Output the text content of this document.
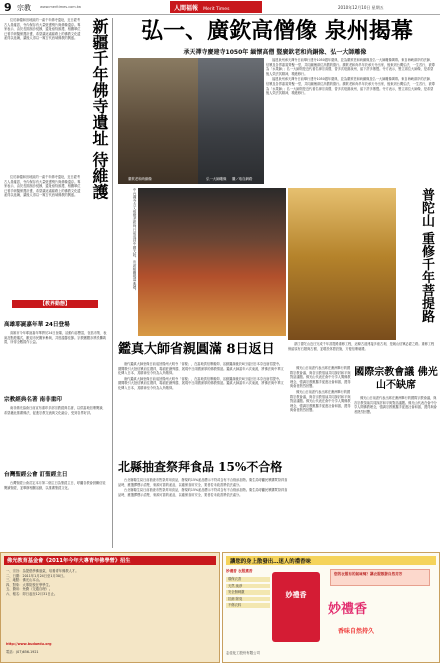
9 宗教	www.meritimes.com.tw	人間福報 Merit Times	2010年12月10日 星期五

位於新疆和田地區的一處千年佛寺遺址，近日經考古人員確認，寺內保存有大量壁畫殘片與佛像遺存。專家表示，由於長期風沙侵蝕，遺址亟待維護，相關單位已著手研擬保護計畫，希望讓這處絲路上的佛教文化遺產得以延續，讓後人得以一窺古代西域佛教的興盛。 新疆千年佛寺遺址 待維護

位於新疆和田地區的一處千年佛寺遺址，近日經考古人員確認，寺內保存有大量壁畫殘片與佛像遺存。專家表示，由於長期風沙侵蝕，遺址亟待維護，相關單位已著手研擬保護計畫，希望讓這處絲路上的佛教文化遺產得以延續，讓後人得以一窺古代西域佛教的興盛。

【教界動態】
高雄耶誕嘉年華 24日登場

高雄市今年耶誕嘉年華將於24日登場，活動內容豐富，包括市集、表演及點燈儀式，歡迎市民闔家參與，共度溫馨佳節。宗教團體亦將設攤義賣，所得全數捐作公益。

宗教經典名著 南非重印

南非佛光協會日前宣布重印多部宗教經典名著，以供當地信眾閱讀，希望藉此推廣佛法，促進宗教交流與文化融合，受到各界好評。

台灣聖經公會 訂聖經主日

台灣聖經公會訂定本月第二個主日為聖經主日，呼籲各教會鼓勵信徒閱讀聖經，並舉辦相關活動，以推廣聖經文化。

弘一、廣欽高僧像 泉州揭幕
承天禪寺慶建寺1050年 緬懷高僧 豎廣欽老和尚銅像、弘一大師雕像
廣欽老和尚銅像	弘一大師雕像 攝／取自網路

福建泉州承天禪寺日前舉行建寺1050週年慶典，並為廣欽老和尚銅像及弘一大師雕像揭幕。來自海峽兩岸的法師、信眾及各界嘉賓齊聚一堂，共同緬懷兩位高僧的德行。廣欽老和尚早年於承天寺出家，後來到台灣弘法，一生苦行，被尊為「水果師」；弘一大師則是近代著名律宗高僧，曾多次駐錫泉州，留下許多墨寶。寺方表示，豎立兩位大師像，是希望後人效法其精神，精進修行。

福建泉州承天禪寺日前舉行建寺1050週年慶典，並為廣欽老和尚銅像及弘一大師雕像揭幕。來自海峽兩岸的法師、信眾及各界嘉賓齊聚一堂，共同緬懷兩位高僧的德行。廣欽老和尚早年於承天寺出家，後來到台灣弘法，一生苦行，被尊為「水果師」；弘一大師則是近代著名律宗高僧，曾多次駐錫泉州，留下許多墨寶。寺方表示，豎立兩位大師像，是希望後人效法其精神，精進修行。

中台禪寺方丈惟覺老和尚日前返回中國大陸，出席相關揭幕典禮。	普陀山 重修千年菩提路

浙江普陀山近日完成千年菩提路重修工程，這條古道連接多座古剎，是朝山信眾必經之路。重修工程保留原有石階與古樹，並增設休憩設施，方便信眾朝禮。

鑑真大師省親圓滿 8日返日

唐代鑑真大師坐像日前返回揚州大明寺「省親」，在當地供信眾瞻仰，活動圓滿後於8日返回日本奈良唐招提寺。期間吸引大批信眾前往禮拜，場面莊嚴殊勝，展現中日兩國深厚的佛教情誼。鑑真大師當年六次東渡，將佛法與中華文化傳入日本，其精神至今仍為人所敬仰。

唐代鑑真大師坐像日前返回揚州大明寺「省親」，在當地供信眾瞻仰，活動圓滿後於8日返回日本奈良唐招提寺。期間吸引大批信眾前往禮拜，場面莊嚴殊勝，展現中日兩國深厚的佛教情誼。鑑真大師當年六次東渡，將佛法與中華文化傳入日本，其精神至今仍為人所敬仰。

國際宗教會議 佛光山不缺席

佛光山日前派代表出席在澳洲舉行的國際宗教會議，與各宗教領袖共同探討和平與對話議題。佛光山代表在會中分享人間佛教理念，強調宗教應攜手促進社會和諧，獲得與會者熱烈回響。

佛光山日前派代表出席在澳洲舉行的國際宗教會議，與各宗教領袖共同探討和平與對話議題。佛光山代表在會中分享人間佛教理念，強調宗教應攜手促進社會和諧，獲得與會者熱烈回響。

佛光山日前派代表出席在澳洲舉行的國際宗教會議，與各宗教領袖共同探討和平與對話議題。佛光山代表在會中分享人間佛教理念，強調宗教應攜手促進社會和諧，獲得與會者熱烈回響。

北縣抽查祭拜食品 15%不合格

台北縣衛生局日前抽查市售祭拜用食品，發現約15%產品標示不符或含有不合格添加物。衛生局呼籲民眾購買祭拜食品時，應選擇標示清楚、來源可靠的產品，以確保食用安全，業者若未改善將依法處分。

台北縣衛生局日前抽查市售祭拜用食品，發現約15%產品標示不符或含有不合格添加物。衛生局呼籲民眾購買祭拜食品時，應選擇標示清楚、來源可靠的產品，以確保食用安全，業者若未改善將依法處分。

佛光教育基金會《2011年今年大專青年佛學營》招生
一、宗旨：為提倡學佛風氣，培養青年佛教人才。
二、日期：2011年1月24日至1月30日。
三、地點：佛光山本山。
四、對象：大專院校在學學生。
五、費用：免費（交通自理）。
六、報名：即日起至12月31日止。
http://www.budaedu.org
電話：(07)656-1921
讓您的身上散發出…迷人的禮香味
妙禮香 衣服薰香
環保衣香
天然 純淨
安全無刺激
抗菌 除臭
不傷衣料
妙禮香
您的衣服有的氣味嗎？讓衣服散發自然芬芳
妙禮香
香味自然持久
志佳化工股份有限公司
